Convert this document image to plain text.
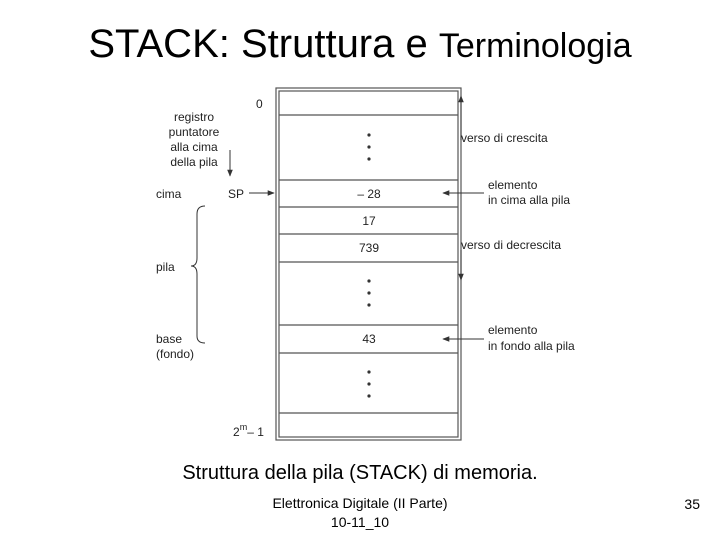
STACK: Struttura e Terminologia
– 28
17
739
43
0
2$^m$– 1
registro
puntatore
alla cima
della pila
cima	SP
pila
base
(fondo)
verso di crescita
verso di decrescita
elemento
in cima alla pila
elemento
in fondo alla pila
Struttura della pila (STACK) di memoria.
Elettronica Digitale (II Parte)
10-11_10
35
